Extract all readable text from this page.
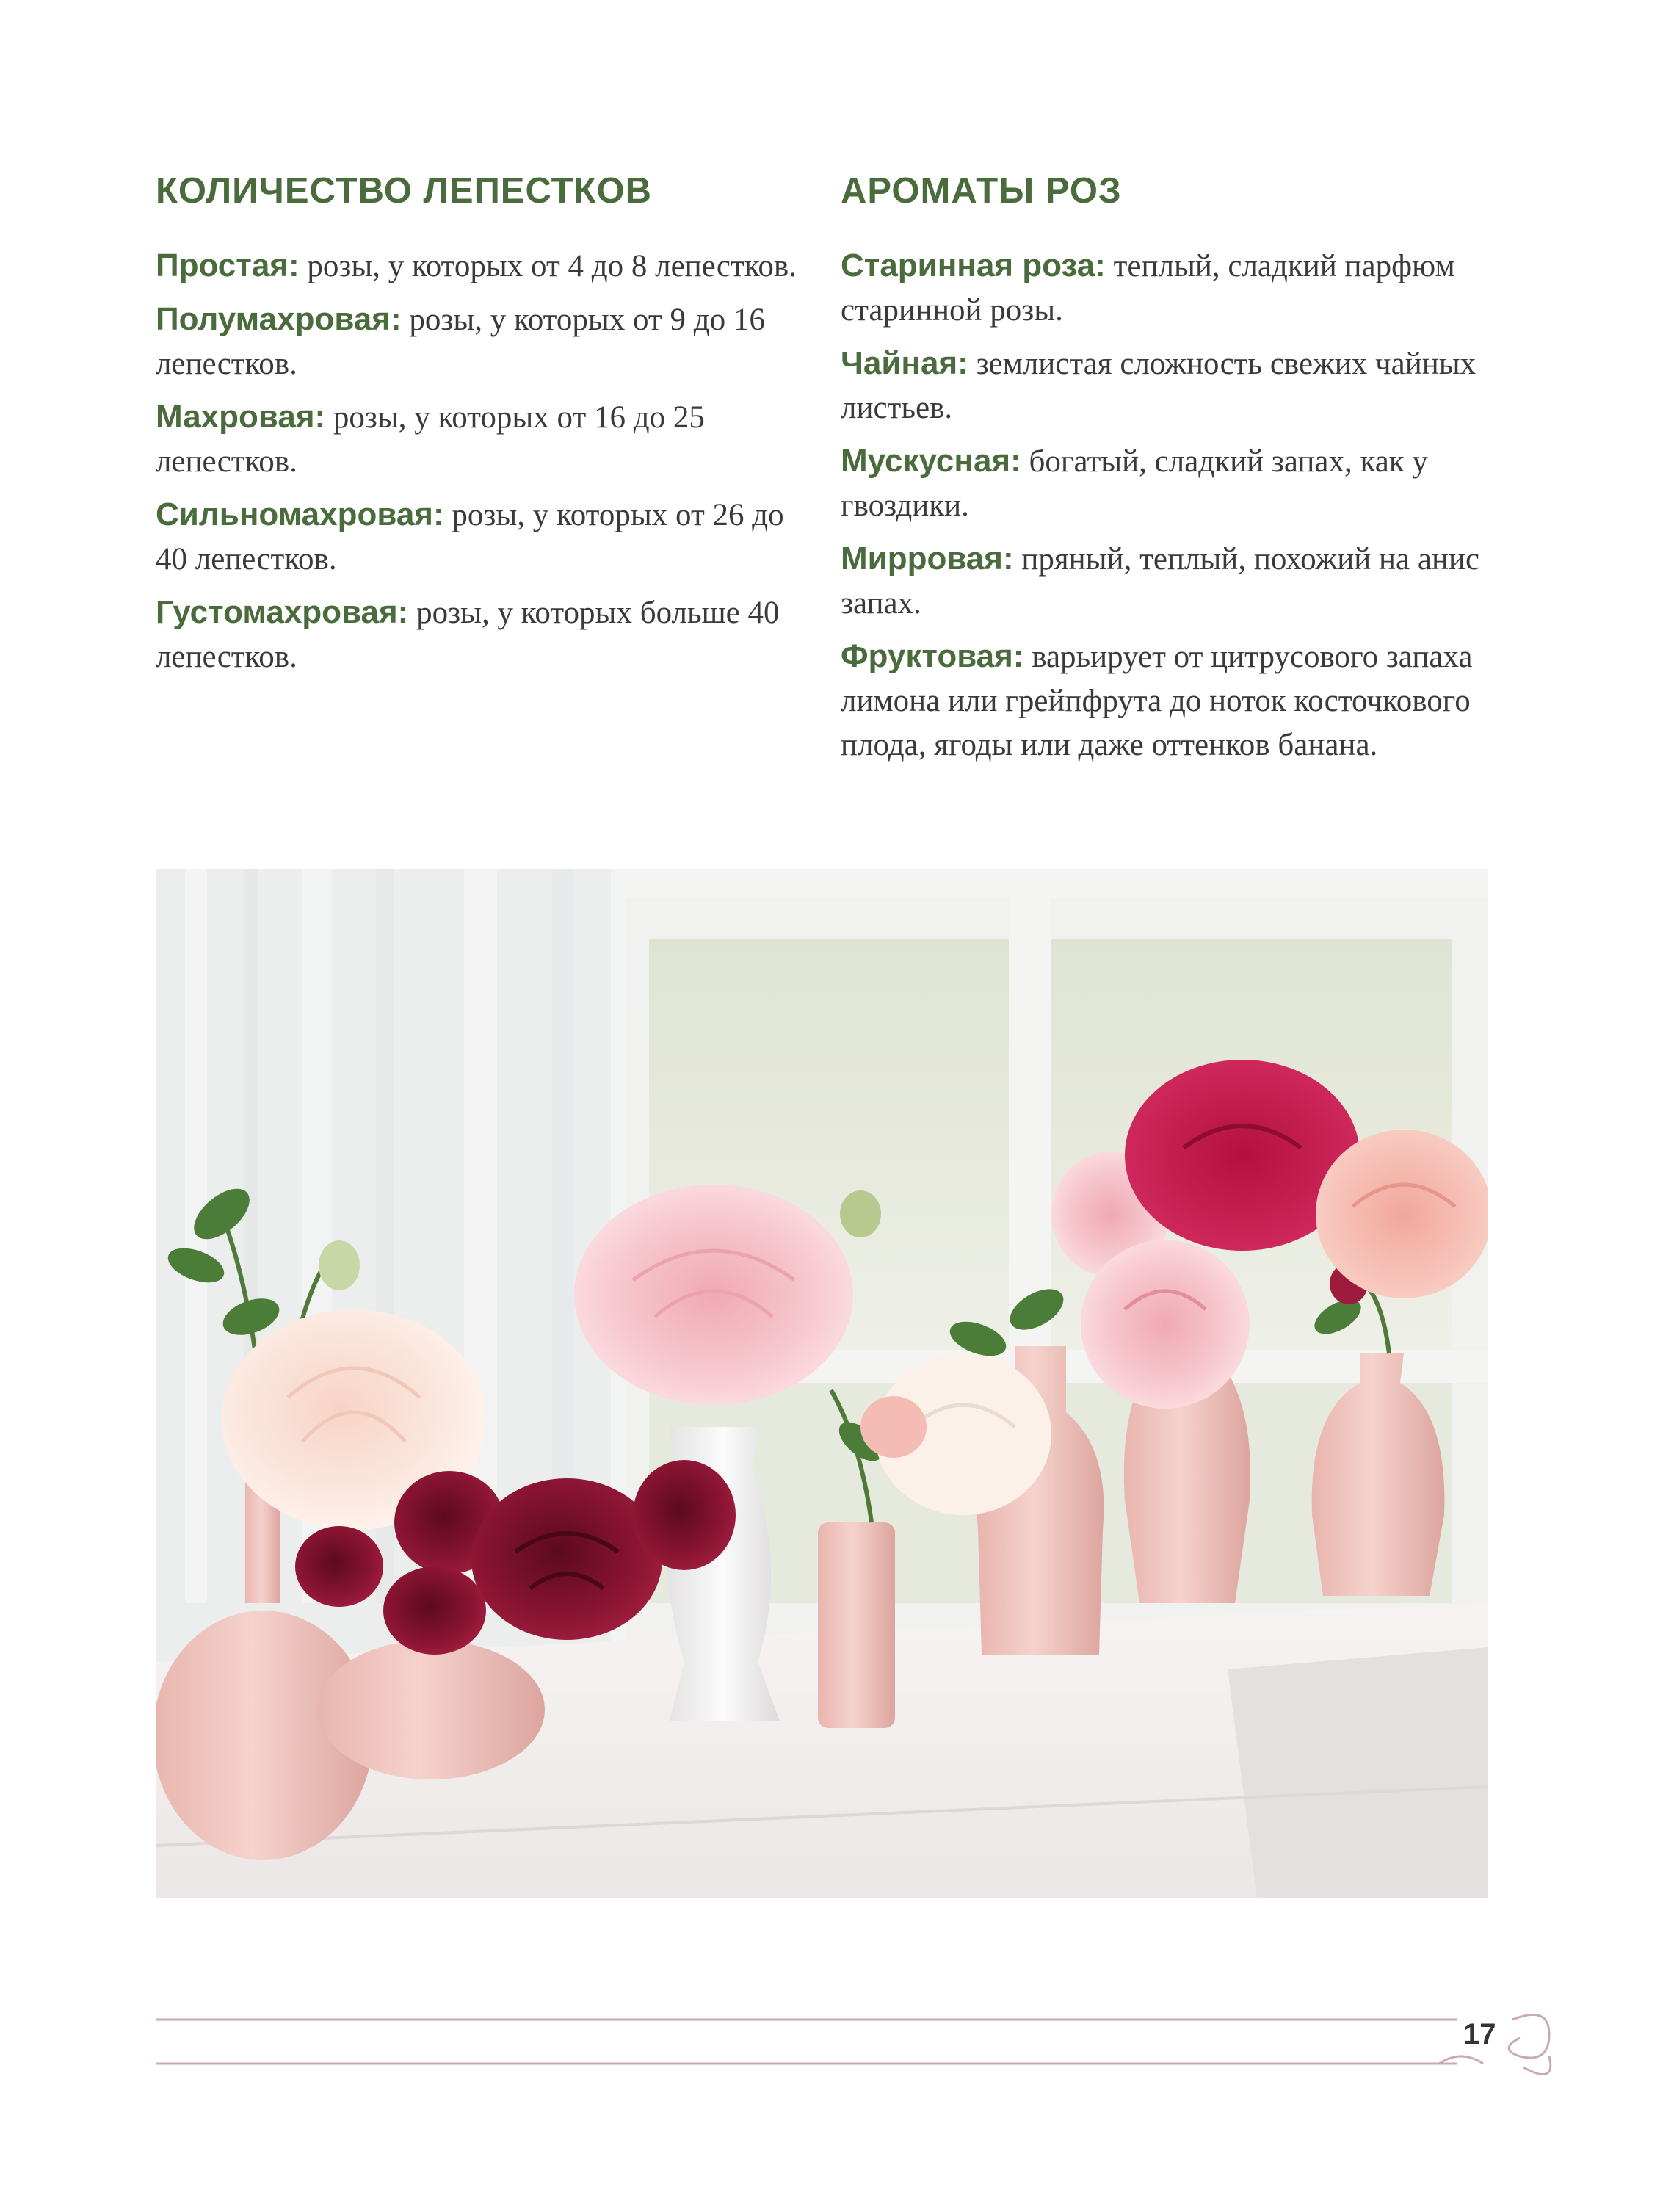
КОЛИЧЕСТВО ЛЕПЕСТКОВ

Простая: розы, у которых от 4 до 8 лепестков.

Полумахровая: розы, у которых от 9 до 16 лепестков.

Махровая: розы, у которых от 16 до 25 лепестков.

Сильномахровая: розы, у которых от 26 до 40 лепестков.

Густомахровая: розы, у которых больше 40 лепестков.

АРОМАТЫ РОЗ

Старинная роза: теплый, сладкий парфюм старинной розы.

Чайная: землистая сложность свежих чайных листьев.

Мускусная: богатый, сладкий запах, как у гвоздики.

Мирровая: пряный, теплый, похожий на анис запах.

Фруктовая: варьирует от цитрусового запаха лимона или грейпфрута до ноток косточкового плода, ягоды или даже оттенков банана.

17
